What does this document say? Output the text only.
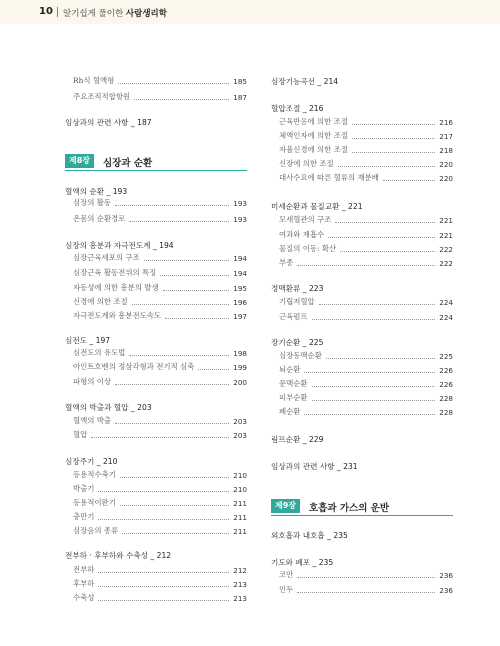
10 알기쉽게 풀이한 사람생리학
Rh식 혈액형	185
주요조직적합항원	187
임상과의 관련 사항 _ 187
제8장	심장과 순환
혈액의 순환 _ 193
심장의 활동	193
온몸의 순환경로	193
심장의 흥분과 자극전도계 _ 194
심장근육세포의 구조	194
심장근육 활동전위의 특징	194
자동성에 의한 흥분의 발생	195
신경에 의한 조절	196
자극전도계와 흥분전도속도	197
심전도 _ 197
심전도의 유도법	198
아인트호벤의 정삼각형과 전기적 심축	199
파형의 이상	200
혈액의 박출과 혈압 _ 203
혈액의 박출	203
혈압	203
심장주기 _ 210
등용적수축기	210
박출기	210
등용적이완기	211
충만기	211
심장음의 종류	211
전부하 · 후부하와 수축성 _ 212
전부하	212
후부하	213
수축성	213
심장기능곡선 _ 214
혈압조절 _ 216
근육반응에 의한 조절	216
체액인자에 의한 조절	217
자율신경에 의한 조절	218
신장에 의한 조절	220
대사수요에 따른 혈류의 재분배	220
미세순환과 물질교환 _ 221
모세혈관의 구조	221
여과와 재흡수	221
물질의 이동: 확산	222
부종	222
정맥환류 _ 223
기립저혈압	224
근육펌프	224
장기순환 _ 225
심장동맥순환	225
뇌순환	226
문맥순환	226
피부순환	228
폐순환	228
림프순환 _ 229
임상과의 관련 사항 _ 231
제9장	호흡과 가스의 운반
외호흡과 내호흡 _ 235
기도와 폐포 _ 235
코안	236
인두	236
